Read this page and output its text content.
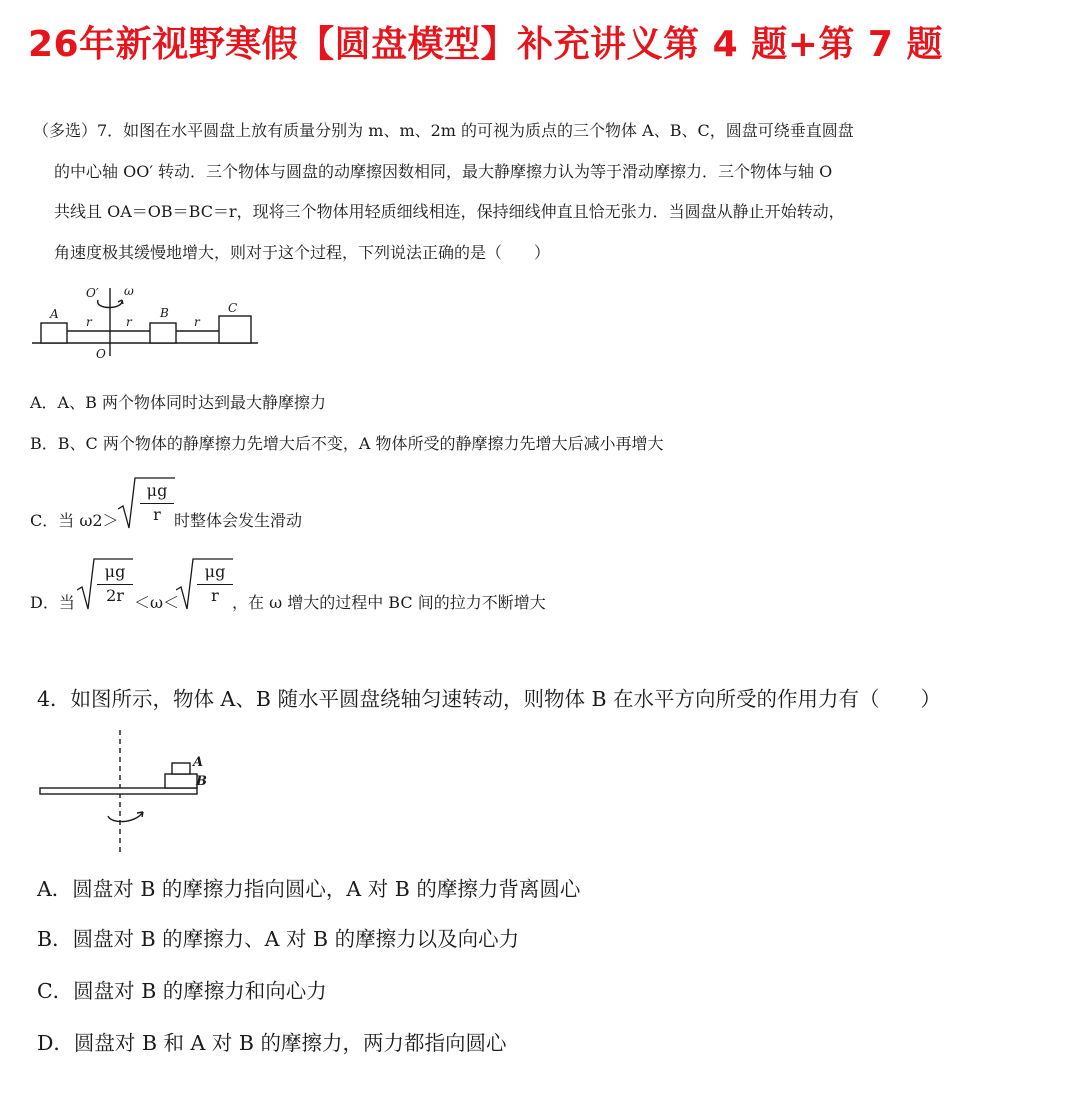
26年新视野寒假【圆盘模型】补充讲义第 4 题+第 7 题
（多选）7．如图在水平圆盘上放有质量分别为 m、m、2m 的可视为质点的三个物体 A、B、C，圆盘可绕垂直圆盘
的中心轴 OO′ 转动．三个物体与圆盘的动摩擦因数相同，最大静摩擦力认为等于滑动摩擦力．三个物体与轴 O
共线且 OA＝OB＝BC＝r，现将三个物体用轻质细线相连，保持细线伸直且恰无张力．当圆盘从静止开始转动，
角速度极其缓慢地增大，则对于这个过程，下列说法正确的是（　　）
O′ ω
A	B	C
r	r	r
O
A．A、B 两个物体同时达到最大静摩擦力
B．B、C 两个物体的静摩擦力先增大后不变，A 物体所受的静摩擦力先增大后减小再增大
C．当 ω2＞
μg
r 时整体会发生滑动
D．当
μg
2r ＜ω＜
μg
r ，在 ω 增大的过程中 BC 间的拉力不断增大
4．如图所示，物体 A、B 随水平圆盘绕轴匀速转动，则物体 B 在水平方向所受的作用力有（　　）
A
B
A．圆盘对 B 的摩擦力指向圆心，A 对 B 的摩擦力背离圆心
B．圆盘对 B 的摩擦力、A 对 B 的摩擦力以及向心力
C．圆盘对 B 的摩擦力和向心力
D．圆盘对 B 和 A 对 B 的摩擦力，两力都指向圆心
